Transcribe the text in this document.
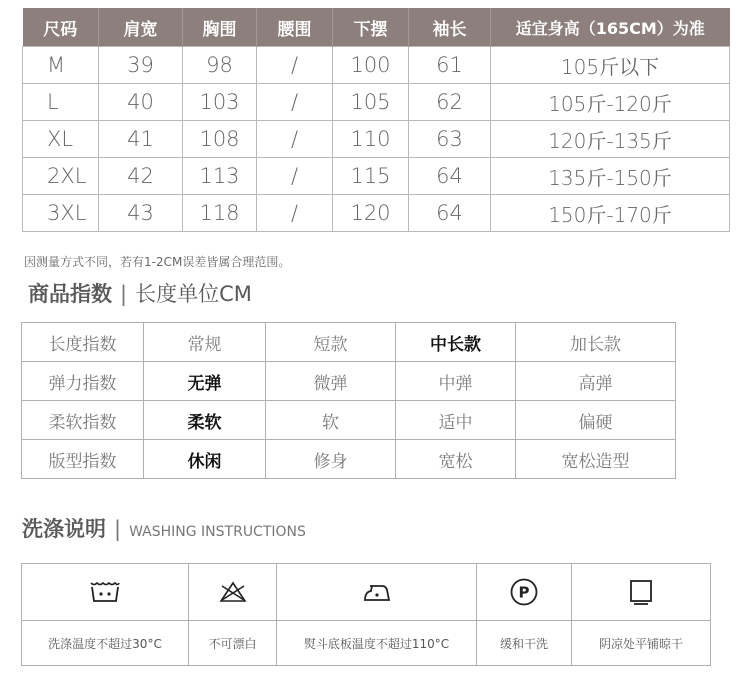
尺码	肩宽	胸围	腰围	下摆	袖长	适宜身高（165CM）为准
M	39	98	/	100	61	105斤以下
L	40	103	/	105	62	105斤-120斤
XL	41	108	/	110	63	120斤-135斤
2XL	42	113	/	115	64	135斤-150斤
3XL	43	118	/	120	64	150斤-170斤
因测量方式不同，若有1-2CM误差皆属合理范围。
商品指数 | 长度单位CM
长度指数	常规	短款	中长款	加长款
弹力指数	无弹	微弹	中弹	高弹
柔软指数	柔软	软	适中	偏硬
版型指数	休闲	修身	宽松	宽松造型
洗涤说明 | WASHING INSTRUCTIONS

P

洗涤温度不超过30°C	不可漂白	熨斗底板温度不超过110°C	缓和干洗	阴凉处平铺晾干
